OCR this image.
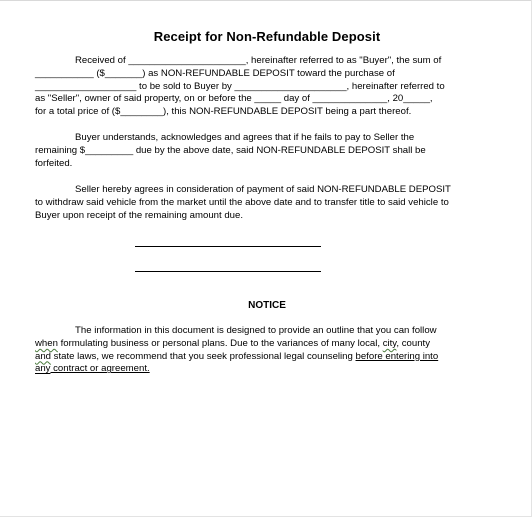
Receipt for Non-Refundable Deposit
Received of ______________________, hereinafter referred to as "Buyer", the sum of
___________ ($_______) as NON-REFUNDABLE DEPOSIT toward the purchase of
___________________ to be sold to Buyer by _____________________, hereinafter referred to
as "Seller", owner of said property, on or before the _____ day of ______________, 20_____,
for a total price of ($________), this NON-REFUNDABLE DEPOSIT being a part thereof.
Buyer understands, acknowledges and agrees that if he fails to pay to Seller the
remaining $_________ due by the above date, said NON-REFUNDABLE DEPOSIT shall be
forfeited.
Seller hereby agrees in consideration of payment of said NON-REFUNDABLE DEPOSIT
to withdraw said vehicle from the market until the above date and to transfer title to said vehicle to
Buyer upon receipt of the remaining amount due.
NOTICE
The information in this document is designed to provide an outline that you can follow
when formulating business or personal plans. Due to the variances of many local, city, county
and state laws, we recommend that you seek professional legal counseling before entering into
any contract or agreement.
